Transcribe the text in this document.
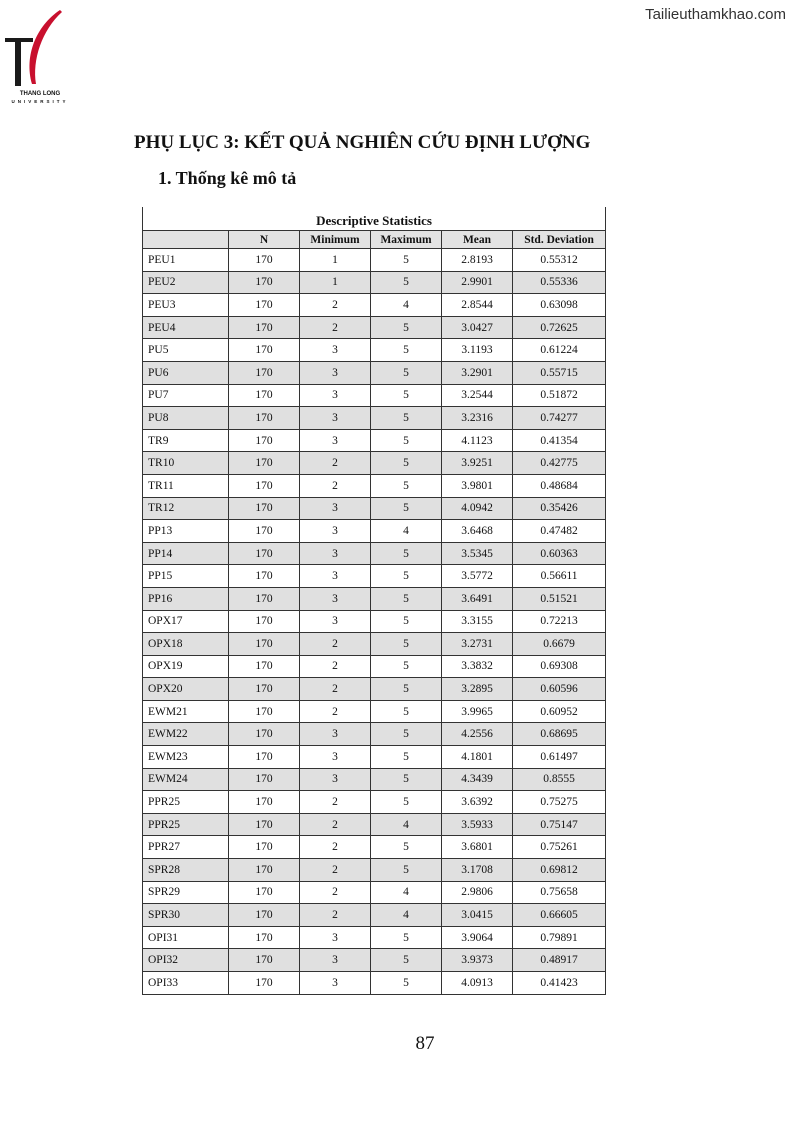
Tailieuthamkhao.com
THANG LONG
UNIVERSITY
PHỤ LỤC 3: KẾT QUẢ NGHIÊN CỨU ĐỊNH LƯỢNG
1. Thống kê mô tả
Descriptive Statistics					
	N	Minimum	Maximum	Mean	Std. Deviation
PEU1	170	1	5	2.8193	0.55312
PEU2	170	1	5	2.9901	0.55336
PEU3	170	2	4	2.8544	0.63098
PEU4	170	2	5	3.0427	0.72625
PU5	170	3	5	3.1193	0.61224
PU6	170	3	5	3.2901	0.55715
PU7	170	3	5	3.2544	0.51872
PU8	170	3	5	3.2316	0.74277
TR9	170	3	5	4.1123	0.41354
TR10	170	2	5	3.9251	0.42775
TR11	170	2	5	3.9801	0.48684
TR12	170	3	5	4.0942	0.35426
PP13	170	3	4	3.6468	0.47482
PP14	170	3	5	3.5345	0.60363
PP15	170	3	5	3.5772	0.56611
PP16	170	3	5	3.6491	0.51521
OPX17	170	3	5	3.3155	0.72213
OPX18	170	2	5	3.2731	0.6679
OPX19	170	2	5	3.3832	0.69308
OPX20	170	2	5	3.2895	0.60596
EWM21	170	2	5	3.9965	0.60952
EWM22	170	3	5	4.2556	0.68695
EWM23	170	3	5	4.1801	0.61497
EWM24	170	3	5	4.3439	0.8555
PPR25	170	2	5	3.6392	0.75275
PPR25	170	2	4	3.5933	0.75147
PPR27	170	2	5	3.6801	0.75261
SPR28	170	2	5	3.1708	0.69812
SPR29	170	2	4	2.9806	0.75658
SPR30	170	2	4	3.0415	0.66605
OPI31	170	3	5	3.9064	0.79891
OPI32	170	3	5	3.9373	0.48917
OPI33	170	3	5	4.0913	0.41423
87
